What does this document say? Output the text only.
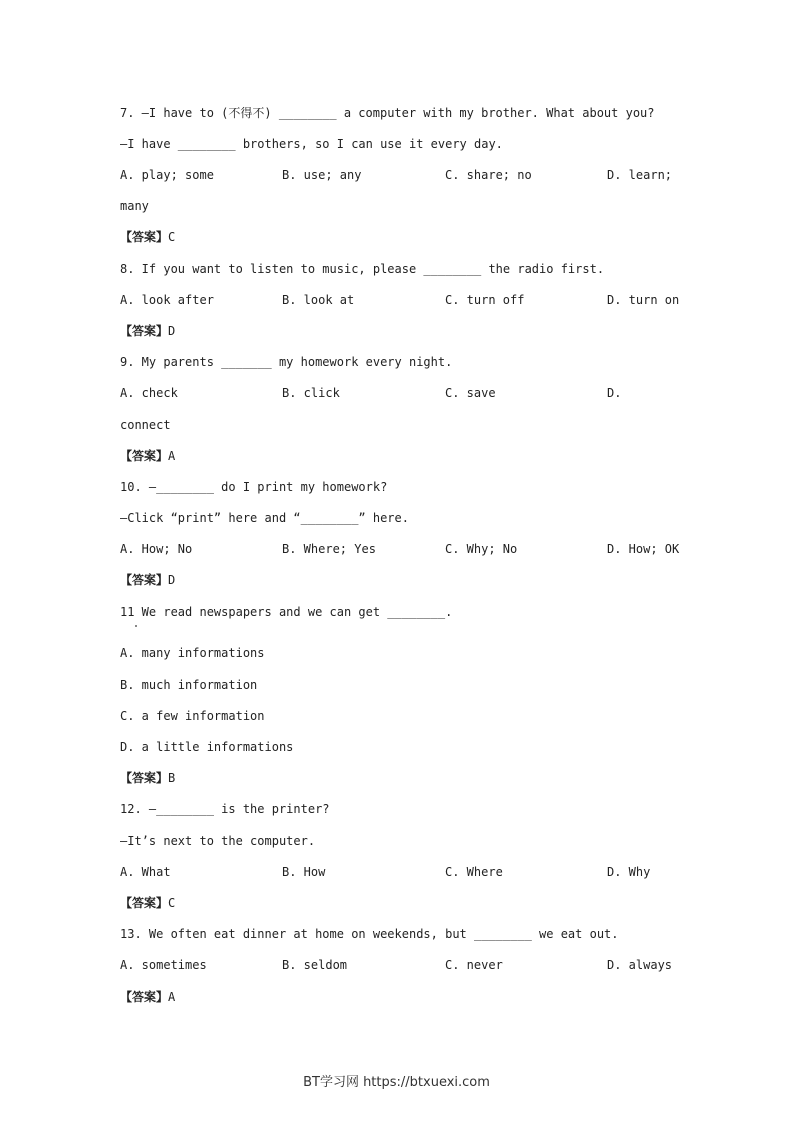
7. —I have to (不得不) ________ a computer with my brother. What about you?
—I have ________ brothers, so I can use it every day.
A. play; some	B. use; any	C. share; no	D. learn;
many
【答案】C
8. If you want to listen to music, please ________ the radio first.
A. look after	B. look at	C. turn off	D. turn on
【答案】D
9. My parents _______ my homework every night.
A. check	B. click	C. save	D.
connect
【答案】A
10. —________ do I print my homework?
—Click “print” here and “________” here.
A. How; No	B. Where; Yes	C. Why; No	D. How; OK
【答案】D
11 We read newspapers and we can get ________.
A. many informations
B. much information
C. a few information
D. a little informations
【答案】B
12. —________ is the printer?
—It’s next to the computer.
A. What	B. How	C. Where	D. Why
【答案】C
13. We often eat dinner at home on weekends, but ________ we eat out.
A. sometimes	B. seldom	C. never	D. always
【答案】A
BT学习网 https://btxuexi.com
